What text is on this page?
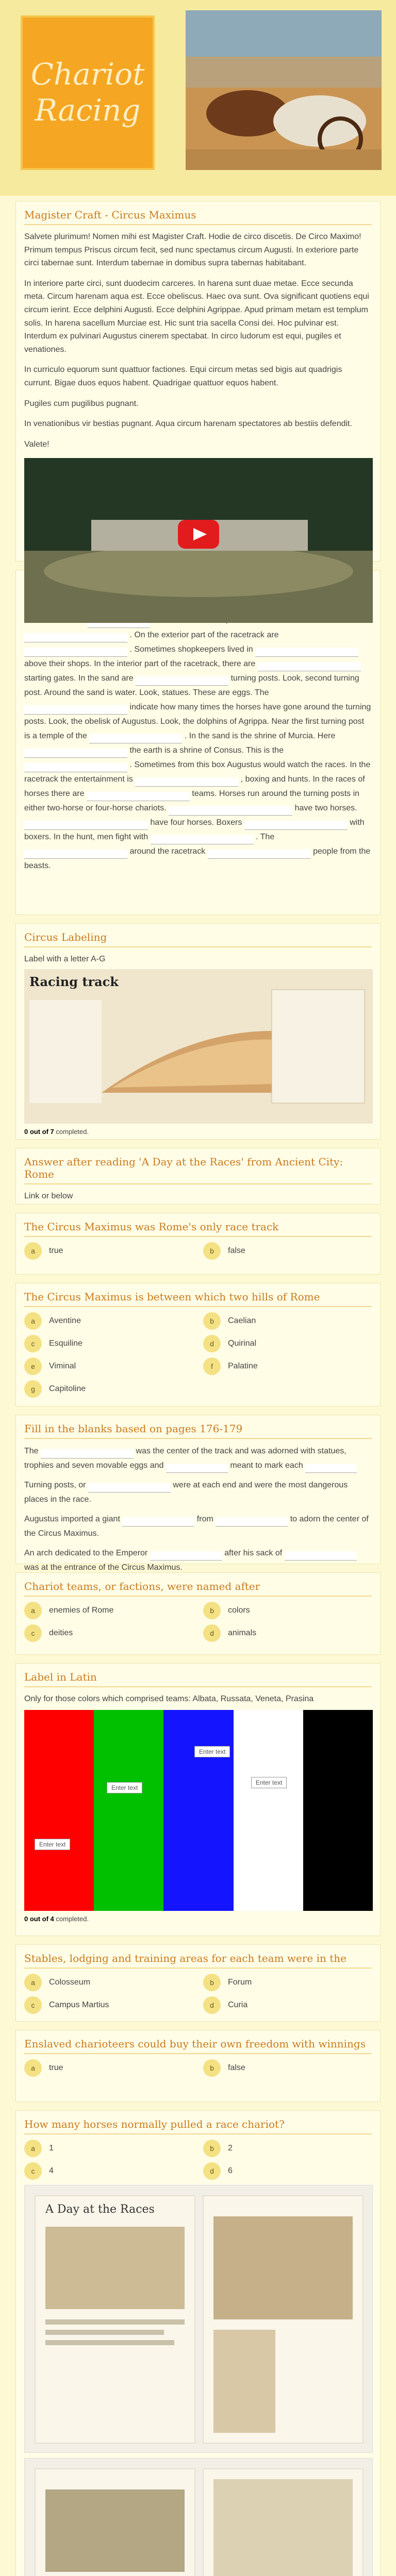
Chariot
Racing
Magister Craft - Circus Maximus

Salvete plurimum! Nomen mihi est Magister Craft. Hodie de circo discetis. De Circo Maximo! Primum tempus Priscus circum fecit, sed nunc spectamus circum Augusti. In exteriore parte circi tabernae sunt. Interdum tabernae in domibus supra tabernas habitabant.

In interiore parte circi, sunt duodecim carceres. In harena sunt duae metae. Ecce secunda meta. Circum harenam aqua est. Ecce obeliscus. Haec ova sunt. Ova significant quotiens equi circum ierint. Ecce delphini Augusti. Ecce delphini Agrippae. Apud primam metam est templum solis. In harena sacellum Murciae est. Hic sunt tria sacella Consi dei. Hoc pulvinar est. Interdum ex pulvinari Augustus cinerem spectabat. In circo ludorum est equi, pugiles et venationes.

In curriculo equorum sunt quattuor factiones. Equi circum metas sed bigis aut quadrigis currunt. Bigae duos equos habent. Quadrigae quattuor equos habent.

Pugiles cum pugilibus pugnant.

In venationibus vir bestias pugnant. Aqua circum harenam spectatores ab bestiis defendit.

Valete!

. On the exterior part of the racetrack are  . Sometimes shopkeepers lived in  above their shops. In the interior part of the racetrack, there are  starting gates. In the sand are	turning posts. Look, second turning post. Around the sand is water. Look, statues. These are eggs. The  indicate how many times the horses have gone around the turning posts. Look, the obelisk of Augustus. Look, the dolphins of Agrippa. Near the first turning post is a temple of the	. In the sand is the shrine of Murcia. Here  the earth is a shrine of Consus. This is the  . Sometimes from this box Augustus would watch the races. In the racetrack the entertainment is	, boxing and hunts. In the races of horses there are	teams. Horses run around the turning posts in either two-horse or four-horse chariots.	have two horses.  have four horses. Boxers	with boxers. In the hunt, men fight with	. The  around the racetrack	people from the beasts.
Circus Labeling
Label with a letter A-G
Racing track
0 out of 7 completed.
Answer after reading 'A Day at the Races' from Ancient City: Rome
Link or below
The Circus Maximus was Rome's only race track
a	true	b	false
The Circus Maximus is between which two hills of Rome
a	Aventine	b	Caelian
c	Esquiline	d	Quirinal
e	Viminal	f	Palatine
g	Capitoline
Fill in the blanks based on pages 176-179

The	was the center of the track and was adorned with statues, trophies and seven movable eggs and	meant to mark each

Turning posts, or	were at each end and were the most dangerous places in the race.

Augustus imported a giant	from	to adorn the center of the Circus Maximus.

An arch dedicated to the Emperor	after his sack of  was at the entrance of the Circus Maximus.

Chariot teams, or factions, were named after
a	enemies of Rome	b	colors
c	deities	d	animals
Label in Latin
Only for those colors which comprised teams: Albata, Russata, Veneta, Prasina
Enter text
Enter text
Enter text
Enter text
0 out of 4 completed.
Stables, lodging and training areas for each team were in the
a	Colosseum	b	Forum
c	Campus Martius	d	Curia
Enslaved charioteers could buy their own freedom with winnings
a	true	b	false
How many horses normally pulled a race chariot?
a	1	b	2
c	4	d	6
A Day at the Races
